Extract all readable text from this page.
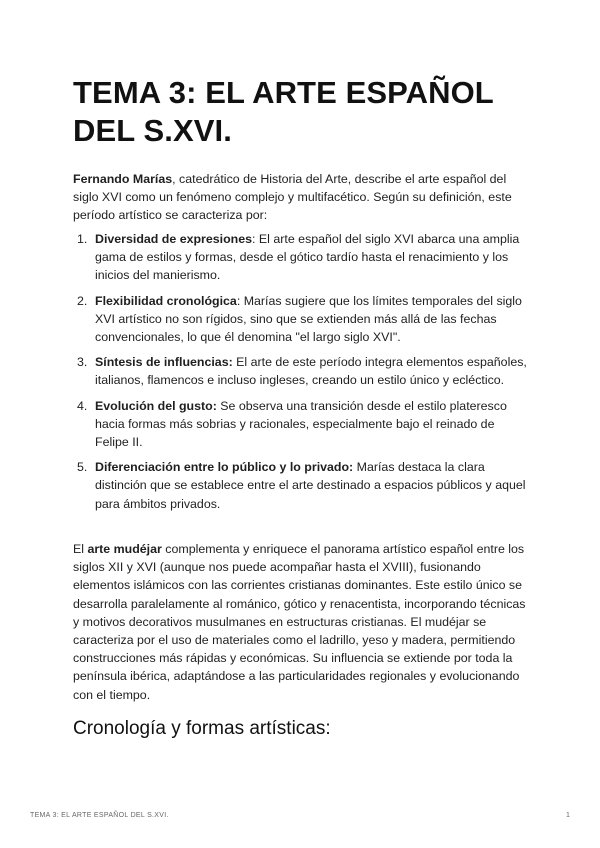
TEMA 3: EL ARTE ESPAÑOL DEL S.XVI.

Fernando Marías, catedrático de Historia del Arte, describe el arte español del siglo XVI como un fenómeno complejo y multifacético. Según su definición, este período artístico se caracteriza por:

1. Diversidad de expresiones: El arte español del siglo XVI abarca una amplia gama de estilos y formas, desde el gótico tardío hasta el renacimiento y los inicios del manierismo.
2. Flexibilidad cronológica: Marías sugiere que los límites temporales del siglo XVI artístico no son rígidos, sino que se extienden más allá de las fechas convencionales, lo que él denomina "el largo siglo XVI".
3. Síntesis de influencias: El arte de este período integra elementos españoles, italianos, flamencos e incluso ingleses, creando un estilo único y ecléctico.
4. Evolución del gusto: Se observa una transición desde el estilo plateresco hacia formas más sobrias y racionales, especialmente bajo el reinado de Felipe II.
5. Diferenciación entre lo público y lo privado: Marías destaca la clara distinción que se establece entre el arte destinado a espacios públicos y aquel para ámbitos privados.

El arte mudéjar complementa y enriquece el panorama artístico español entre los siglos XII y XVI (aunque nos puede acompañar hasta el XVIII), fusionando elementos islámicos con las corrientes cristianas dominantes. Este estilo único se desarrolla paralelamente al románico, gótico y renacentista, incorporando técnicas y motivos decorativos musulmanes en estructuras cristianas. El mudéjar se caracteriza por el uso de materiales como el ladrillo, yeso y madera, permitiendo construcciones más rápidas y económicas. Su influencia se extiende por toda la península ibérica, adaptándose a las particularidades regionales y evolucionando con el tiempo.

Cronología y formas artísticas:
TEMA 3: EL ARTE ESPAÑOL DEL S.XVI.	1
